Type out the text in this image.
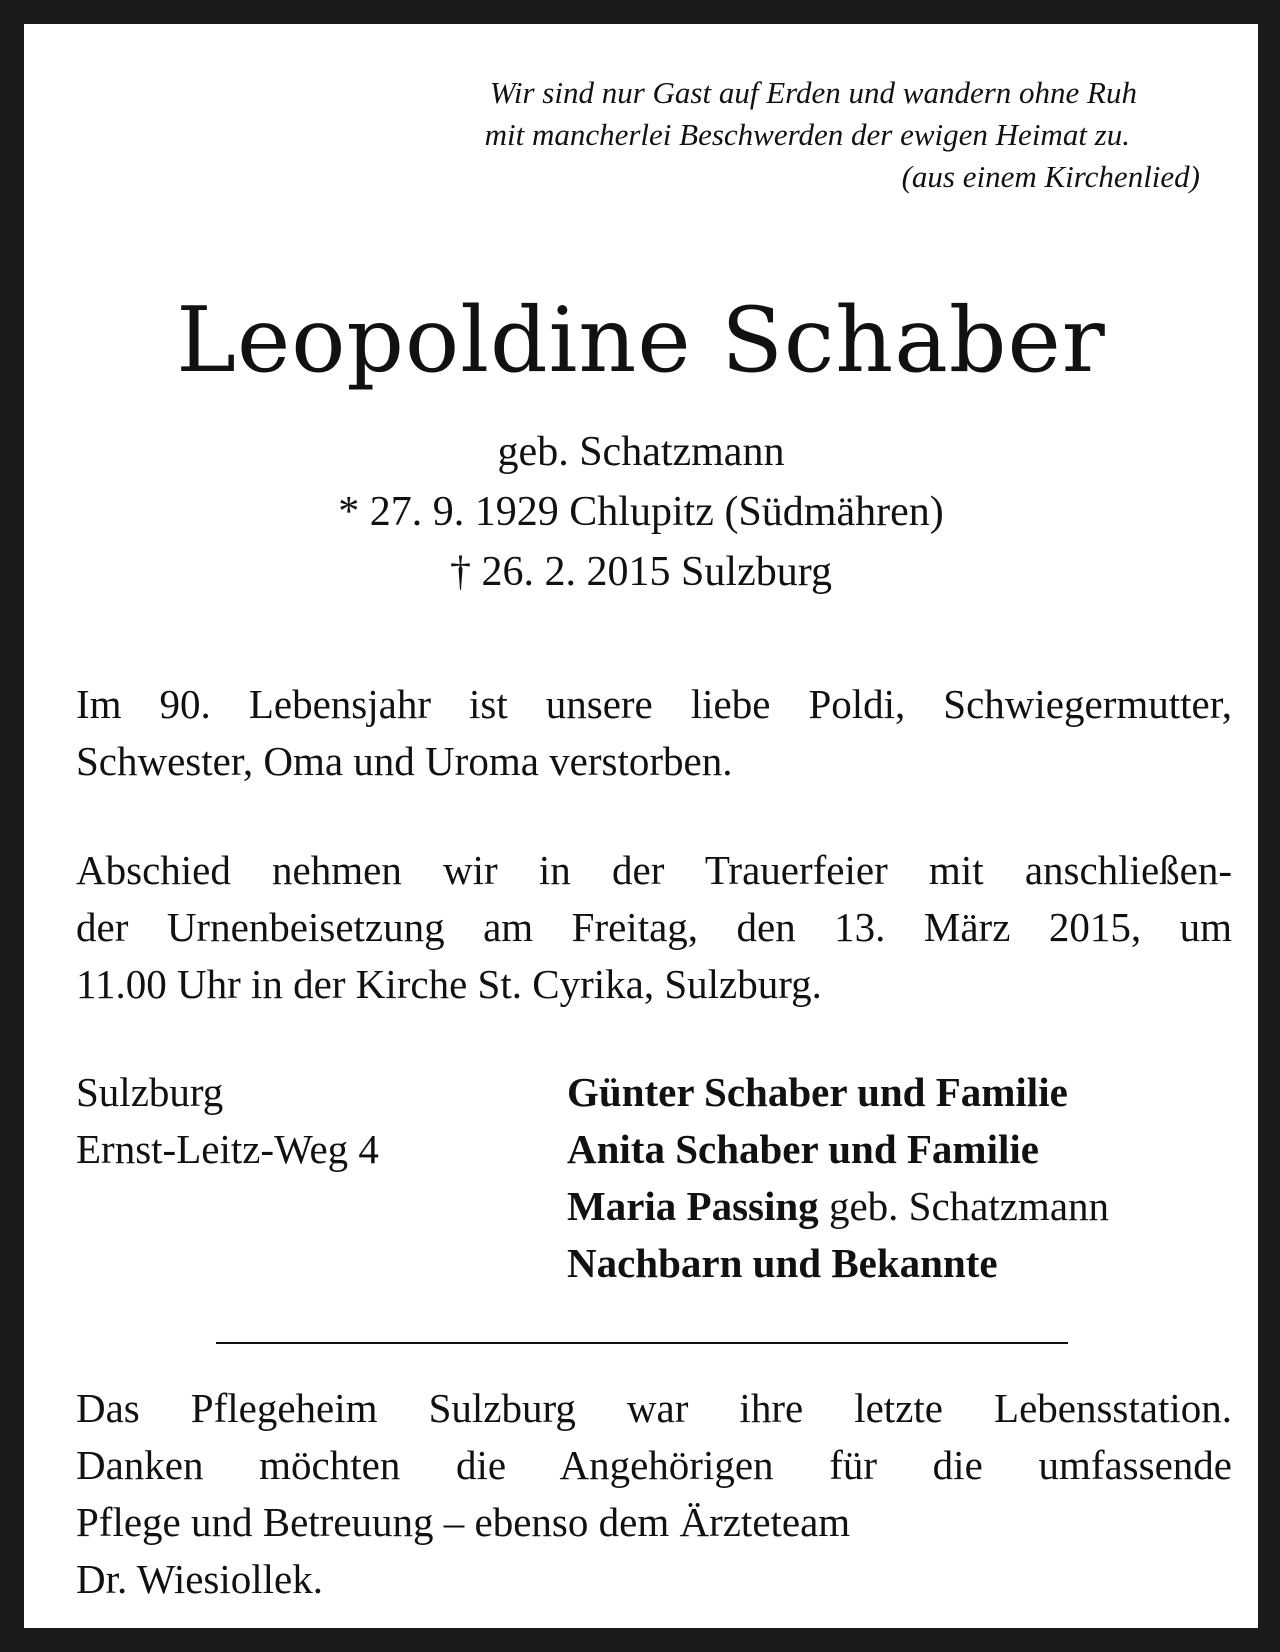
Wir sind nur Gast auf Erden und wandern ohne Ruh
mit mancherlei Beschwerden der ewigen Heimat zu.
(aus einem Kirchenlied)
Leopoldine Schaber
geb. Schatzmann
* 27. 9. 1929 Chlupitz (Südmähren)
† 26. 2. 2015 Sulzburg
Im 90. Lebensjahr ist unsere liebe Poldi, Schwiegermutter,
Schwester, Oma und Uroma verstorben.
Abschied nehmen wir in der Trauerfeier mit anschließen-
der Urnenbeisetzung am Freitag, den 13. März 2015, um
11.00 Uhr in der Kirche St. Cyrika, Sulzburg.
Sulzburg
Ernst-Leitz-Weg 4
Günter Schaber und Familie
Anita Schaber und Familie
Maria Passing geb. Schatzmann
Nachbarn und Bekannte
Das Pflegeheim Sulzburg war ihre letzte Lebensstation.
Danken möchten die Angehörigen für die umfassende
Pflege und Betreuung – ebenso dem Ärzteteam
Dr. Wiesiollek.
